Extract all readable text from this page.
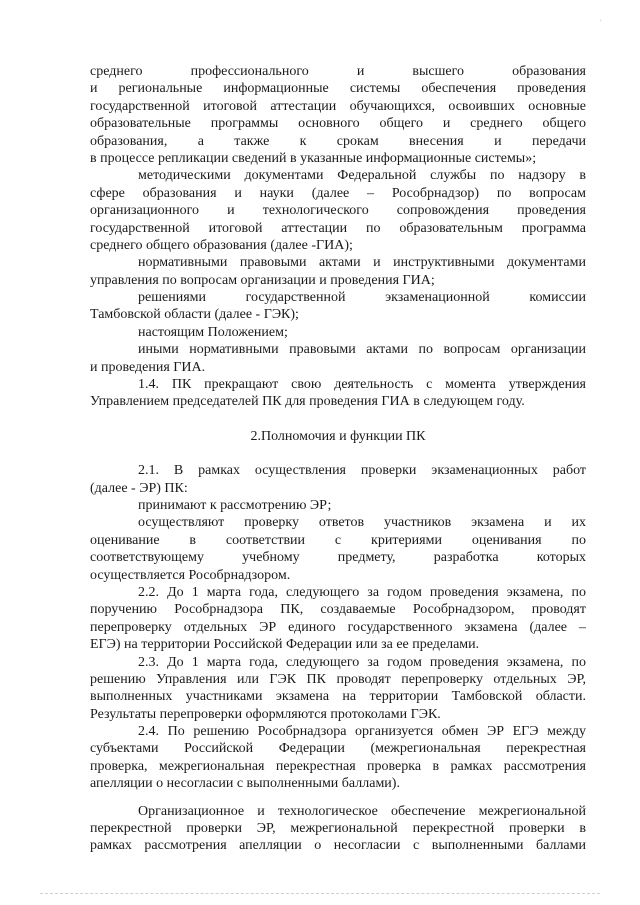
'
среднего профессионального и высшего образования
и региональные информационные системы обеспечения проведения
государственной итоговой аттестации обучающихся, освоивших основные
образовательные программы основного общего и среднего общего
образования, а также к срокам внесения и передачи
в процессе репликации сведений в указанные информационные системы»;
методическими документами Федеральной службы по надзору в
сфере образования и науки (далее – Рособрнадзор) по вопросам
организационного и технологического сопровождения проведения
государственной итоговой аттестации по образовательным программа
среднего общего образования (далее -ГИА);
нормативными правовыми актами и инструктивными документами
управления по вопросам организации и проведения ГИА;
решениями государственной экзаменационной комиссии
Тамбовской области (далее - ГЭК);
настоящим Положением;
иными нормативными правовыми актами по вопросам организации
и проведения ГИА.
1.4. ПК прекращают свою деятельность с момента утверждения
Управлением председателей ПК для проведения ГИА в следующем году.
2.Полномочия и функции ПК
2.1. В рамках осуществления проверки экзаменационных работ
(далее - ЭР) ПК:
принимают к рассмотрению ЭР;
осуществляют проверку ответов участников экзамена и их
оценивание в соответствии с критериями оценивания по
соответствующему учебному предмету, разработка которых
осуществляется Рособрнадзором.
2.2. До 1 марта года, следующего за годом проведения экзамена, по
поручению Рособрнадзора ПК, создаваемые Рособрнадзором, проводят
перепроверку отдельных ЭР единого государственного экзамена (далее –
ЕГЭ) на территории Российской Федерации или за ее пределами.
2.3. До 1 марта года, следующего за годом проведения экзамена, по
решению Управления или ГЭК ПК проводят перепроверку отдельных ЭР,
выполненных участниками экзамена на территории Тамбовской области.
Результаты перепроверки оформляются протоколами ГЭК.
2.4. По решению Рособрнадзора организуется обмен ЭР ЕГЭ между
субъектами Российской Федерации (межрегиональная перекрестная
проверка, межрегиональная перекрестная проверка в рамках рассмотрения
апелляции о несогласии с выполненными баллами).
Организационное и технологическое обеспечение межрегиональной
перекрестной проверки ЭР, межрегиональной перекрестной проверки в
рамках рассмотрения апелляции о несогласии с выполненными баллами
